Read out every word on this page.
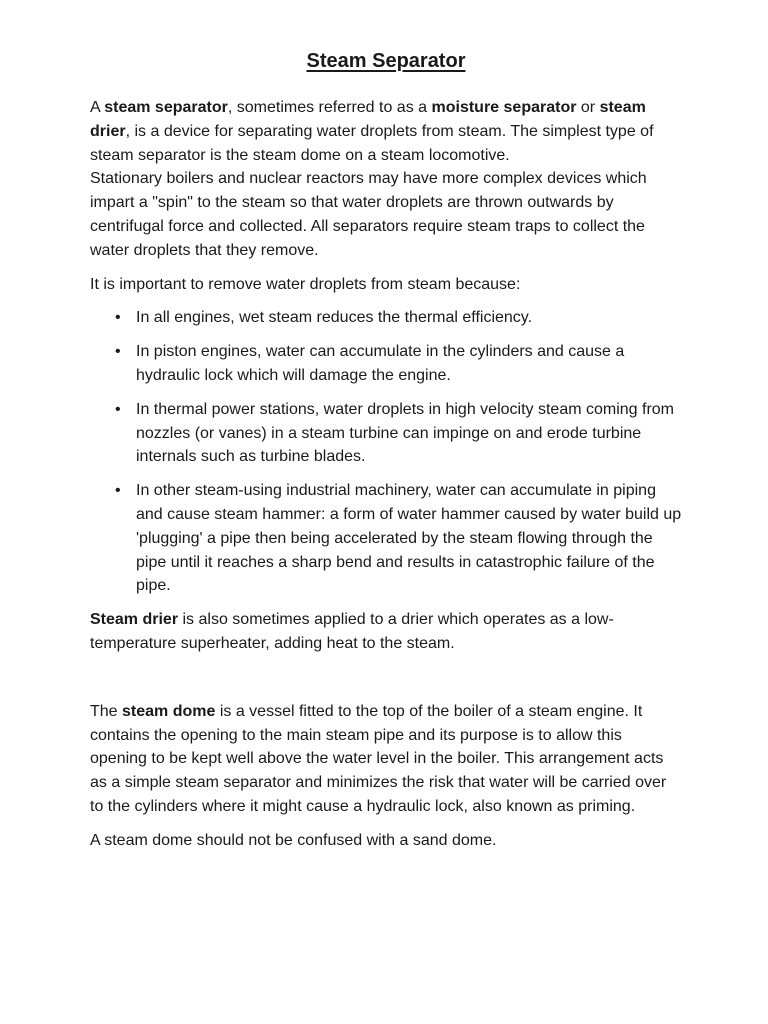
Steam Separator

A steam separator, sometimes referred to as a moisture separator or steam drier, is a device for separating water droplets from steam. The simplest type of steam separator is the steam dome on a steam locomotive.
Stationary boilers and nuclear reactors may have more complex devices which impart a "spin" to the steam so that water droplets are thrown outwards by centrifugal force and collected. All separators require steam traps to collect the water droplets that they remove.

It is important to remove water droplets from steam because:

• In all engines, wet steam reduces the thermal efficiency.
• In piston engines, water can accumulate in the cylinders and cause a hydraulic lock which will damage the engine.
• In thermal power stations, water droplets in high velocity steam coming from nozzles (or vanes) in a steam turbine can impinge on and erode turbine internals such as turbine blades.
• In other steam-using industrial machinery, water can accumulate in piping and cause steam hammer: a form of water hammer caused by water build up 'plugging' a pipe then being accelerated by the steam flowing through the pipe until it reaches a sharp bend and results in catastrophic failure of the pipe.

Steam drier is also sometimes applied to a drier which operates as a low-temperature superheater, adding heat to the steam.

The steam dome is a vessel fitted to the top of the boiler of a steam engine. It contains the opening to the main steam pipe and its purpose is to allow this opening to be kept well above the water level in the boiler. This arrangement acts as a simple steam separator and minimizes the risk that water will be carried over to the cylinders where it might cause a hydraulic lock, also known as priming.

A steam dome should not be confused with a sand dome.
